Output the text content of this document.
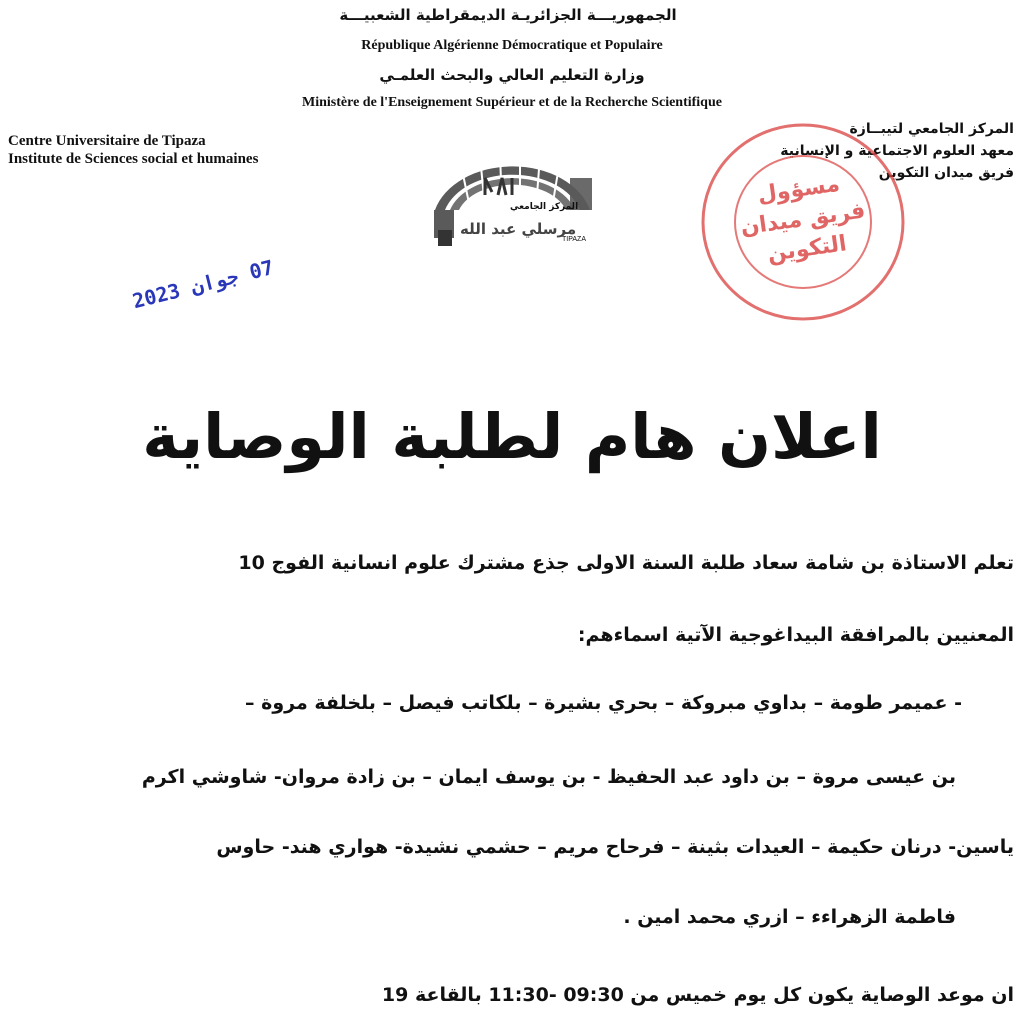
الجمهوريـــة الجزائريـة الديمقراطية الشعبيـــة
République Algérienne Démocratique et Populaire
وزارة التعليم العالي والبحث العلمـي
Ministère de l'Enseignement Supérieur et de la Recherche Scientifique
Centre Universitaire de Tipaza
Institute de Sciences social et humaines
المركز الجامعي لتيبــازة
معهد العلوم الاجتماعية و الإنسانية
فريق ميدان التكوين
المركز الجامعي
مرسلي عبد الله
TIPAZA
مسؤول
فريق ميدان
التكوين
07 جوان 2023
اعلان هام لطلبة الوصاية
تعلم الاستاذة بن شامة سعاد طلبة السنة الاولى جذع مشترك علوم انسانية الفوج 10
المعنيين بالمرافقة البيداغوجية الآتية اسماءهم:
- عميمر طومة – بداوي مبروكة – بحري بشيرة – بلكاتب فيصل – بلخلفة مروة –
بن عيسى مروة – بن داود عبد الحفيظ - بن يوسف ايمان – بن زادة مروان- شاوشي اكرم
ياسين- درنان حكيمة – العيدات بثينة – فرحاح مريم – حشمي نشيدة- هواري هند- حاوس
فاطمة الزهراءء – ازري محمد امين .
ان موعد الوصاية يكون كل يوم خميس من 09:30 -11:30 بالقاعة 19
